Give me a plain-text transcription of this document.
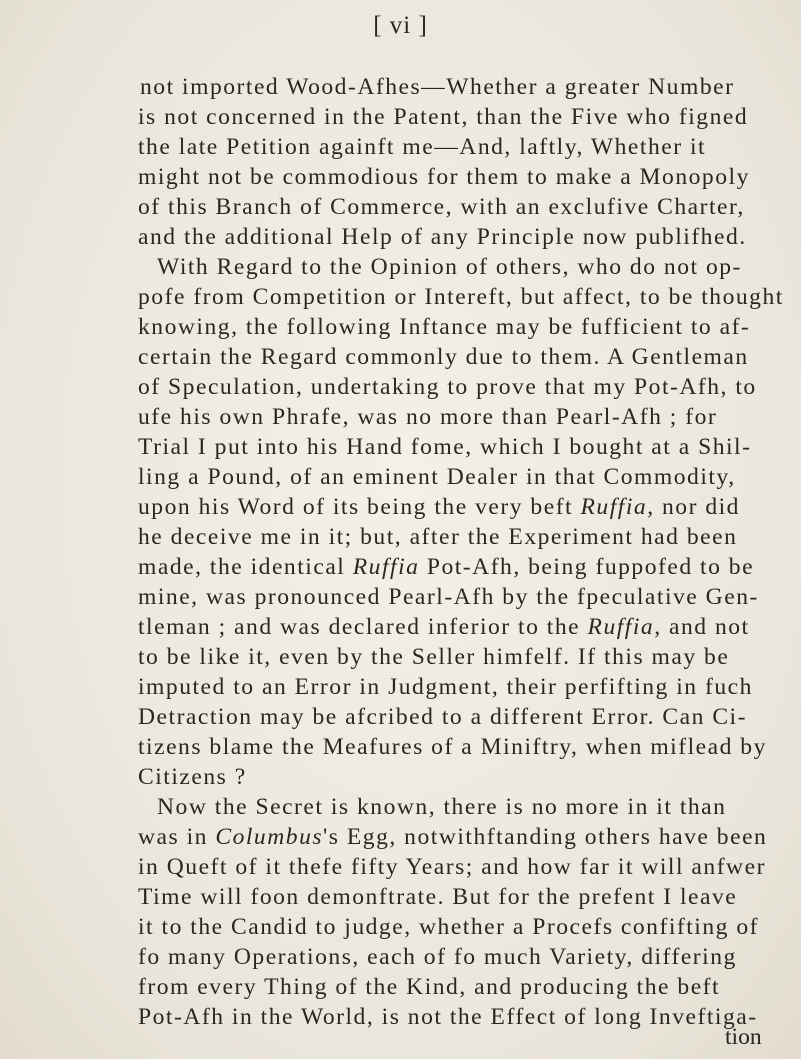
[ vi ]
not imported Wood-Afhes—Whether a greater Number
is not concerned in the Patent, than the Five who figned
the late Petition againft me—And, laftly, Whether it
might not be commodious for them to make a Monopoly
of this Branch of Commerce, with an exclufive Charter,
and the additional Help of any Principle now publifhed.
With Regard to the Opinion of others, who do not op-
pofe from Competition or Intereft, but affect, to be thought
knowing, the following Inftance may be fufficient to af-
certain the Regard commonly due to them. A Gentleman
of Speculation, undertaking to prove that my Pot-Afh, to
ufe his own Phrafe, was no more than Pearl-Afh ; for
Trial I put into his Hand fome, which I bought at a Shil-
ling a Pound, of an eminent Dealer in that Commodity,
upon his Word of its being the very beft Ruffia, nor did
he deceive me in it; but, after the Experiment had been
made, the identical Ruffia Pot-Afh, being fuppofed to be
mine, was pronounced Pearl-Afh by the fpeculative Gen-
tleman ; and was declared inferior to the Ruffia, and not
to be like it, even by the Seller himfelf. If this may be
imputed to an Error in Judgment, their perfifting in fuch
Detraction may be afcribed to a different Error. Can Ci-
tizens blame the Meafures of a Miniftry, when miflead by
Citizens ?
Now the Secret is known, there is no more in it than
was in Columbus's Egg, notwithftanding others have been
in Queft of it thefe fifty Years; and how far it will anfwer
Time will foon demonftrate. But for the prefent I leave
it to the Candid to judge, whether a Procefs confifting of
fo many Operations, each of fo much Variety, differing
from every Thing of the Kind, and producing the beft
Pot-Afh in the World, is not the Effect of long Inveftiga-
tion
